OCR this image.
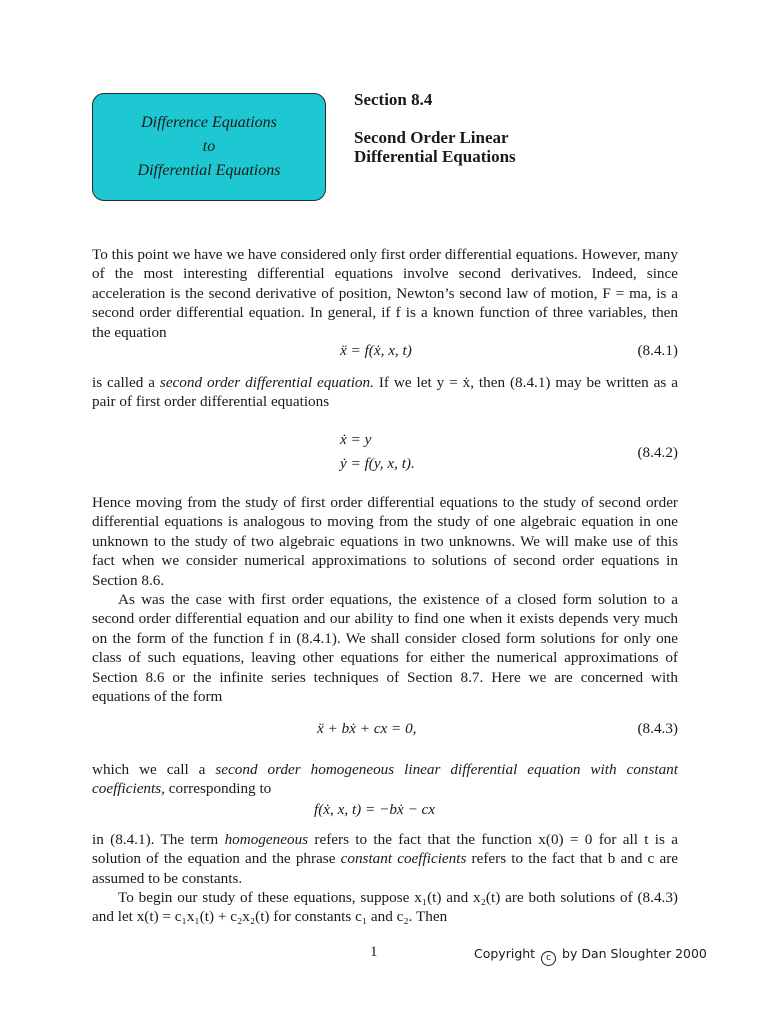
Difference Equations
to
Differential Equations
Section 8.4
Second Order Linear
Differential Equations
To this point we have we have considered only first order differential equations. However, many of the most interesting differential equations involve second derivatives. Indeed, since acceleration is the second derivative of position, Newton’s second law of motion, F = ma, is a second order differential equation. In general, if f is a known function of three variables, then the equation
ẍ = f(ẋ, x, t)	(8.4.1)
is called a second order differential equation. If we let y = ẋ, then (8.4.1) may be written as a pair of first order differential equations
ẋ = y
ẏ = f(y, x, t).
(8.4.2)
Hence moving from the study of first order differential equations to the study of second order differential equations is analogous to moving from the study of one algebraic equation in one unknown to the study of two algebraic equations in two unknowns. We will make use of this fact when we consider numerical approximations to solutions of second order equations in Section 8.6.
As was the case with first order equations, the existence of a closed form solution to a second order differential equation and our ability to find one when it exists depends very much on the form of the function f in (8.4.1). We shall consider closed form solutions for only one class of such equations, leaving other equations for either the numerical approximations of Section 8.6 or the infinite series techniques of Section 8.7. Here we are concerned with equations of the form
ẍ + bẋ + cx = 0,	(8.4.3)
which we call a second order homogeneous linear differential equation with constant coefficients, corresponding to
f(ẋ, x, t) = −bẋ − cx
in (8.4.1). The term homogeneous refers to the fact that the function x(0) = 0 for all t is a solution of the equation and the phrase constant coefficients refers to the fact that b and c are assumed to be constants.
To begin our study of these equations, suppose x₁(t) and x₂(t) are both solutions of (8.4.3) and let x(t) = c₁x₁(t) + c₂x₂(t) for constants c₁ and c₂. Then
1	Copyright c by Dan Sloughter 2000
